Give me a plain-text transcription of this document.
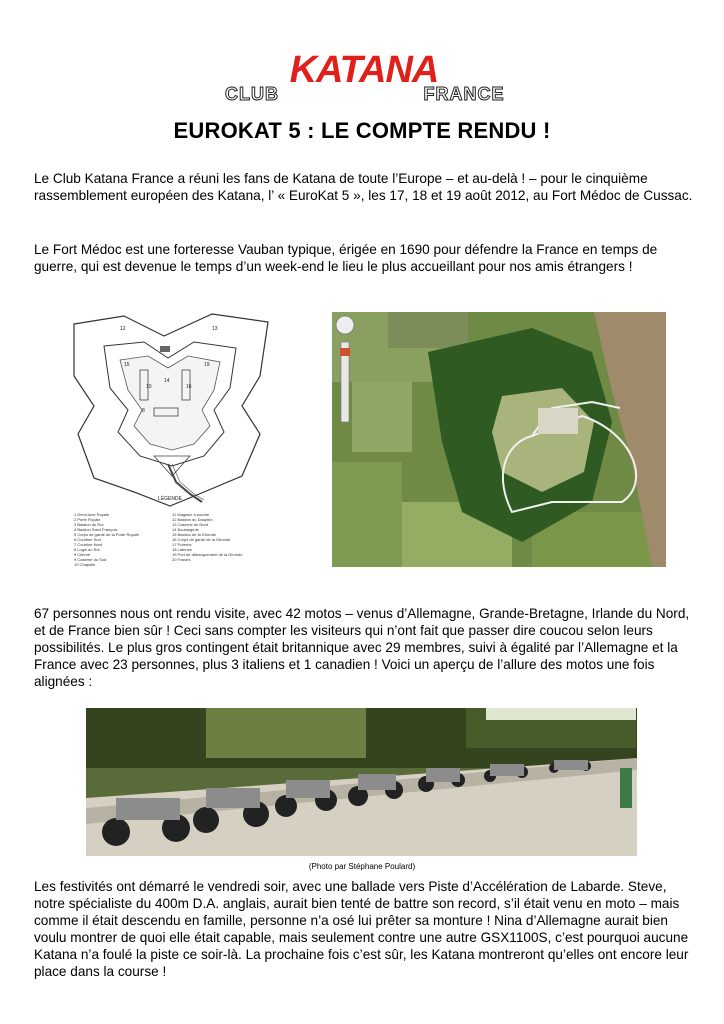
KATANA
CLUB	FRANCE
EUROKAT 5 : LE COMPTE RENDU !

Le Club Katana France a réuni les fans de Katana de toute l’Europe – et au-delà ! – pour le cinquième rassemblement européen des Katana, l’ « EuroKat 5 », les 17, 18 et 19 août 2012, au Fort Médoc de Cussac.

Le Fort Médoc est une forteresse Vauban typique, érigée en 1690 pour défendre la France en temps de guerre, qui est devenue le temps d’un week-end le lieu le plus accueillant pour nos amis étrangers !

12	13
15	19
14
10	16
8
LÉGENDE
1 Demi-lune Royale
2 Porte Royale
3 Bastion du Roi
4 Bastion Saint François
5 Corps de garde de la Porte Royale
6 Courtine Sud
7 Courtine Nord
8 Logis du Roi
9 Citerne
9 Caserne du Sud
10 Chapelle
11 Magasin à poudre
12 Bastion du Dauphin
13 Caserne du Nord
14 Boulangerie
15 Bastion de la Gironde
16 Corps de garde de la Gironde
17 Poterne
18 Latrines
19 Port de débarquement de la Gironde
20 Fossés

67 personnes nous ont rendu visite, avec 42 motos – venus d’Allemagne, Grande-Bretagne, Irlande du Nord, et de France bien sûr ! Ceci sans compter les visiteurs qui n’ont fait que passer dire coucou selon leurs possibilités. Le plus gros contingent était britannique avec 29 membres, suivi à égalité par l’Allemagne et la France avec 23 personnes, plus 3 italiens et 1 canadien ! Voici un aperçu de l’allure des motos une fois alignées :

(Photo par Stéphane Poulard)

Les festivités ont démarré le vendredi soir, avec une ballade vers Piste d’Accélération de Labarde. Steve, notre spécialiste du 400m D.A. anglais, aurait bien tenté de battre son record, s’il était venu en moto – mais comme il était descendu en famille, personne n’a osé lui prêter sa monture ! Nina d’Allemagne aurait bien voulu montrer de quoi elle était capable, mais seulement contre une autre GSX1100S, c’est pourquoi aucune Katana n’a foulé la piste ce soir-là. La prochaine fois c’est sûr, les Katana montreront qu’elles ont encore leur place dans la course !
